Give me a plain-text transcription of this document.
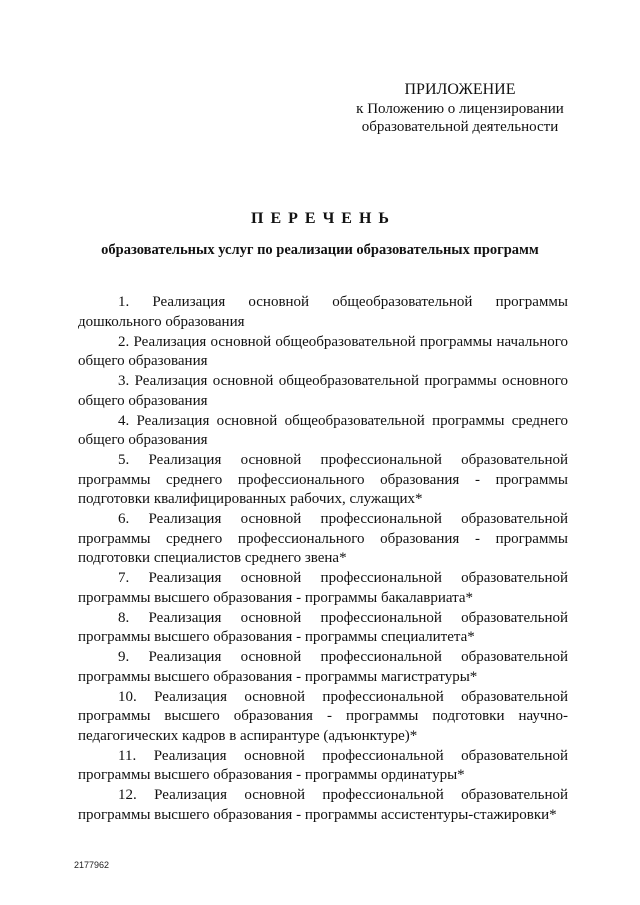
ПРИЛОЖЕНИЕ
к Положению о лицензировании
образовательной деятельности
ПЕРЕЧЕНЬ
образовательных услуг по реализации образовательных программ

1. Реализация основной общеобразовательной программы дошкольного образования

2. Реализация основной общеобразовательной программы начального общего образования

3. Реализация основной общеобразовательной программы основного общего образования

4. Реализация основной общеобразовательной программы среднего общего образования

5. Реализация основной профессиональной образовательной программы среднего профессионального образования - программы подготовки квалифицированных рабочих, служащих*

6. Реализация основной профессиональной образовательной программы среднего профессионального образования - программы подготовки специалистов среднего звена*

7. Реализация основной профессиональной образовательной программы высшего образования - программы бакалавриата*

8. Реализация основной профессиональной образовательной программы высшего образования - программы специалитета*

9. Реализация основной профессиональной образовательной программы высшего образования - программы магистратуры*

10. Реализация основной профессиональной образовательной программы высшего образования - программы подготовки научно-педагогических кадров в аспирантуре (адъюнктуре)*

11. Реализация основной профессиональной образовательной программы высшего образования - программы ординатуры*

12. Реализация основной профессиональной образовательной программы высшего образования - программы ассистентуры-стажировки*

2177962
